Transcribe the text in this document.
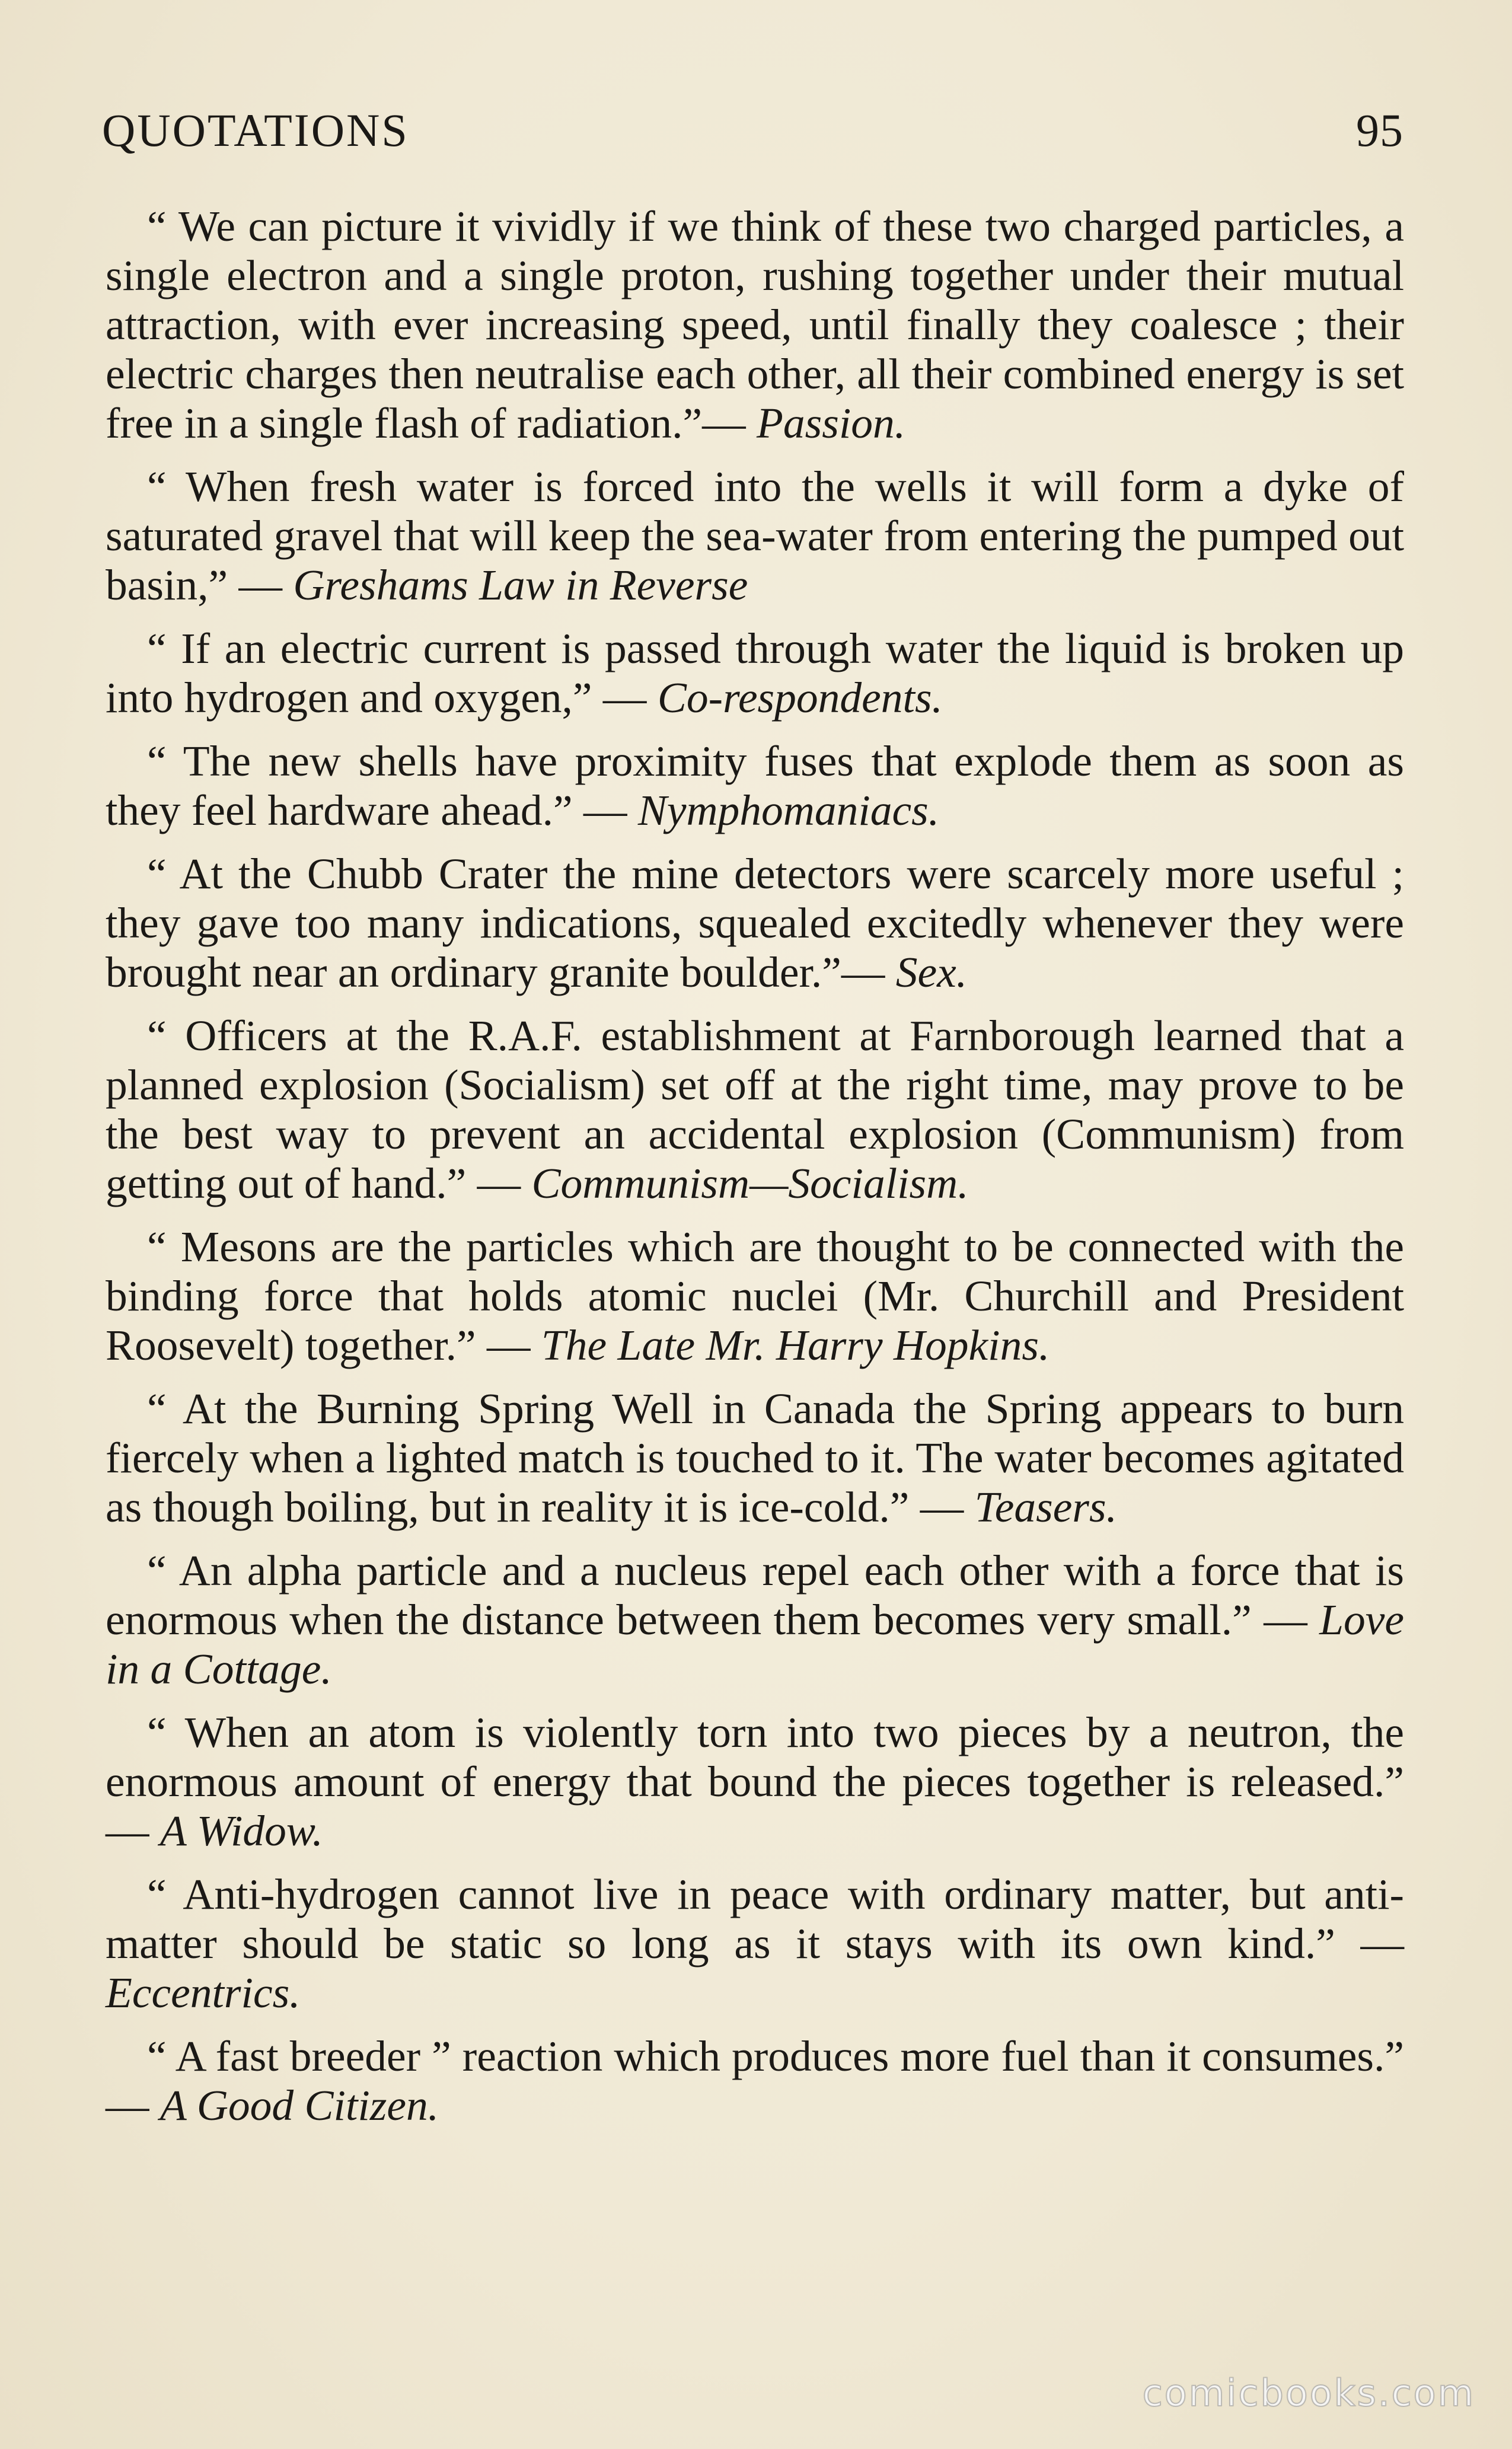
QUOTATIONS	95

“ We can picture it vividly if we think of these two charged particles, a single electron and a single proton, rushing together under their mutual attraction, with ever increasing speed, until finally they coalesce ; their electric charges then neutralise each other, all their combined energy is set free in a single flash of radiation.”— Passion.

“ When fresh water is forced into the wells it will form a dyke of saturated gravel that will keep the sea-water from entering the pumped out basin,” — Greshams Law in Reverse

“ If an electric current is passed through water the liquid is broken up into hydrogen and oxygen,” — Co-respondents.

“ The new shells have proximity fuses that explode them as soon as they feel hardware ahead.” — Nymphomaniacs.

“ At the Chubb Crater the mine detectors were scarcely more useful ; they gave too many indications, squealed excitedly whenever they were brought near an ordinary granite boulder.”— Sex.

“ Officers at the R.A.F. establishment at Farnborough learned that a planned explosion (Socialism) set off at the right time, may prove to be the best way to prevent an accidental explosion (Communism) from getting out of hand.” — Communism—Socialism.

“ Mesons are the particles which are thought to be connected with the binding force that holds atomic nuclei (Mr. Churchill and President Roosevelt) together.” — The Late Mr. Harry Hopkins.

“ At the Burning Spring Well in Canada the Spring appears to burn fiercely when a lighted match is touched to it. The water becomes agitated as though boiling, but in reality it is ice-cold.” — Teasers.

“ An alpha particle and a nucleus repel each other with a force that is enormous when the distance between them becomes very small.” — Love in a Cottage.

“ When an atom is violently torn into two pieces by a neutron, the enormous amount of energy that bound the pieces together is released.” — A Widow.

“ Anti-hydrogen cannot live in peace with ordinary matter, but anti-matter should be static so long as it stays with its own kind.” — Eccentrics.

“ A fast breeder ” reaction which produces more fuel than it consumes.” — A Good Citizen.

comicbooks.com
